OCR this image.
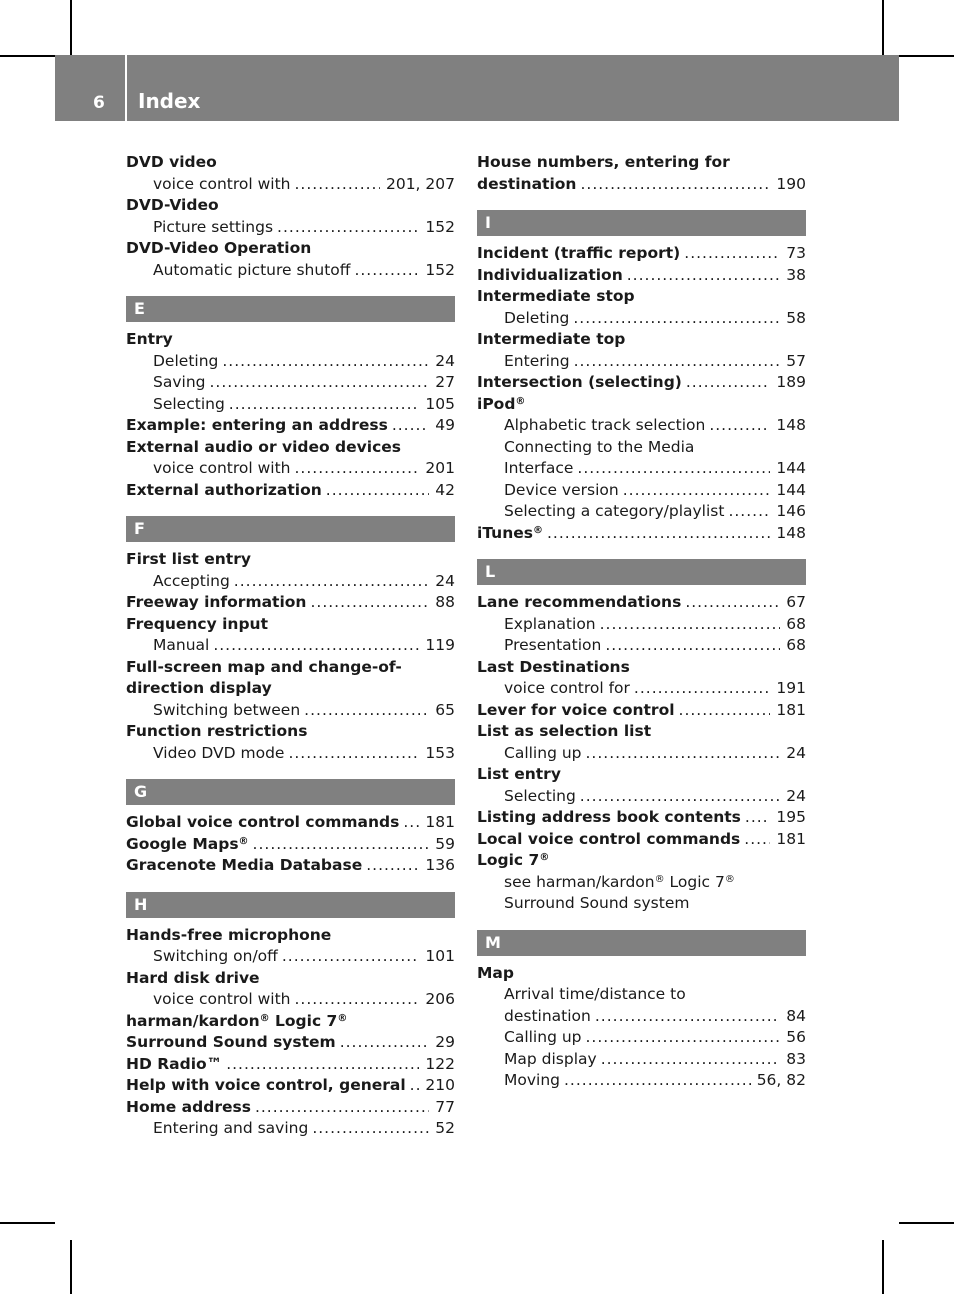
6 Index
DVD video
voice control with .....	201, 207
DVD-Video
Picture settings .....	152
DVD-Video Operation
Automatic picture shutoff .....	152
E
Entry
Deleting .....	24
Saving .....	27
Selecting .....	105
Example: entering an address .....	49
External audio or video devices
voice control with .....	201
External authorization .....	42
F
First list entry
Accepting .....	24
Freeway information .....	88
Frequency input
Manual .....	119
Full-screen map and change-of-
direction display
Switching between .....	65
Function restrictions
Video DVD mode .....	153
G
Global voice control commands ..... 181
Google Maps® .....	59
Gracenote Media Database .....	136
H
Hands-free microphone
Switching on/off .....	101
Hard disk drive
voice control with .....	206
harman/kardon® Logic 7®
Surround Sound system .....	29
HD Radio™ .....	122
Help with voice control, general ..... 210
Home address .....	77
Entering and saving .....	52
House numbers, entering for
destination .....	190
I
Incident (traffic report) .....	73
Individualization .....	38
Intermediate stop
Deleting .....	58
Intermediate top
Entering .....	57
Intersection (selecting) .....	189
iPod®
Alphabetic track selection .....	148
Connecting to the Media
Interface .....	144
Device version .....	144
Selecting a category/playlist .....	146
iTunes® .....	148
L
Lane recommendations .....	67
Explanation .....	68
Presentation .....	68
Last Destinations
voice control for .....	191
Lever for voice control .....	181
List as selection list
Calling up .....	24
List entry
Selecting .....	24
Listing address book contents ..... 195
Local voice control commands ..... 181
Logic 7®
see harman/kardon® Logic 7®
Surround Sound system
M
Map
Arrival time/distance to
destination .....	84
Calling up .....	56
Map display .....	83
Moving .....	56, 82
